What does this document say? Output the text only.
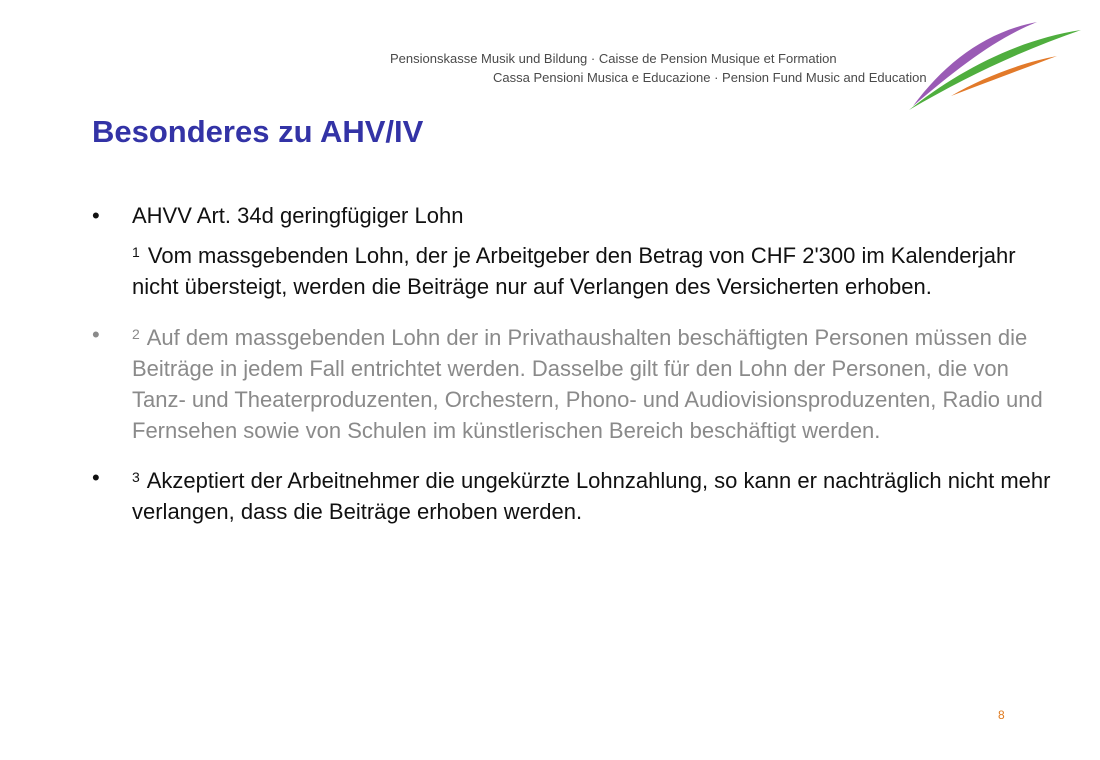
Pensionskasse Musik und Bildung · Caisse de Pension Musique et Formation
Cassa Pensioni Musica e Educazione · Pension Fund Music and Education
Besonderes zu AHV/IV
• AHVV Art. 34d geringfügiger Lohn
$^1$ Vom massgebenden Lohn, der je Arbeitgeber den Betrag von CHF 2'300 im Kalenderjahr nicht übersteigt, werden die Beiträge nur auf Verlangen des Versicherten erhoben.
•	$^2$ Auf dem massgebenden Lohn der in Privathaushalten beschäftigten Personen müssen die Beiträge in jedem Fall entrichtet werden. Dasselbe gilt für den Lohn der Personen, die von Tanz- und Theaterproduzenten, Orchestern, Phono- und Audiovisionsproduzenten, Radio und Fernsehen sowie von Schulen im künstlerischen Bereich beschäftigt werden.
•	$^3$ Akzeptiert der Arbeitnehmer die ungekürzte Lohnzahlung, so kann er nachträglich nicht mehr verlangen, dass die Beiträge erhoben werden.
8
